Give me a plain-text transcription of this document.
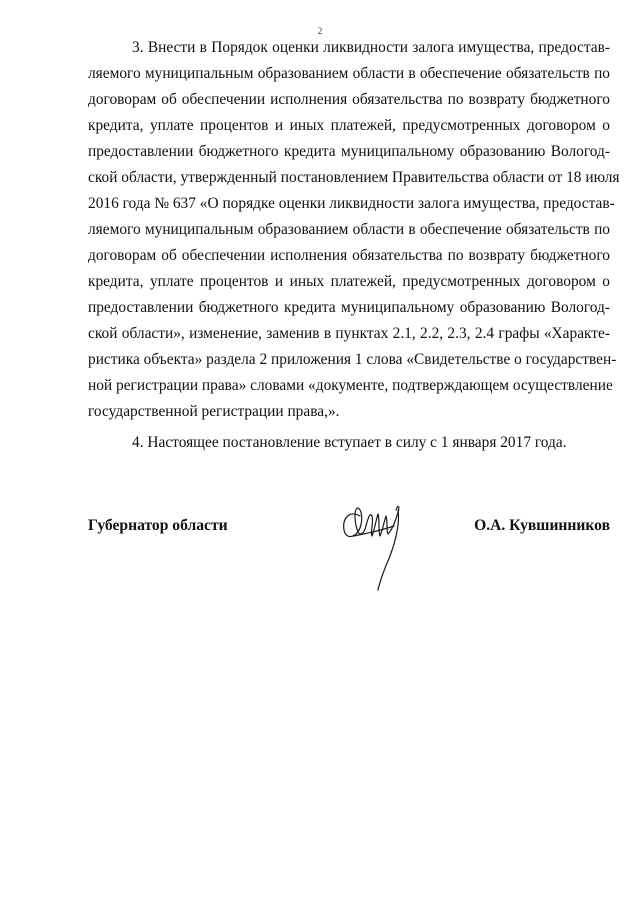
2
3. Внести в Порядок оценки ликвидности залога имущества, предостав-
ляемого муниципальным образованием области в обеспечение обязательств по
договорам об обеспечении исполнения обязательства по возврату бюджетного
кредита, уплате процентов и иных платежей, предусмотренных договором о
предоставлении бюджетного кредита муниципальному образованию Вологод-
ской области, утвержденный постановлением Правительства области от 18 июля
2016 года № 637 «О порядке оценки ликвидности залога имущества, предостав-
ляемого муниципальным образованием области в обеспечение обязательств по
договорам об обеспечении исполнения обязательства по возврату бюджетного
кредита, уплате процентов и иных платежей, предусмотренных договором о
предоставлении бюджетного кредита муниципальному образованию Вологод-
ской области», изменение, заменив в пунктах 2.1, 2.2, 2.3, 2.4 графы «Характе-
ристика объекта» раздела 2 приложения 1 слова «Свидетельстве о государствен-
ной регистрации права» словами «документе, подтверждающем осуществление
государственной регистрации права,».
4. Настоящее постановление вступает в силу с 1 января 2017 года.
Губернатор области	О.А. Кувшинников
